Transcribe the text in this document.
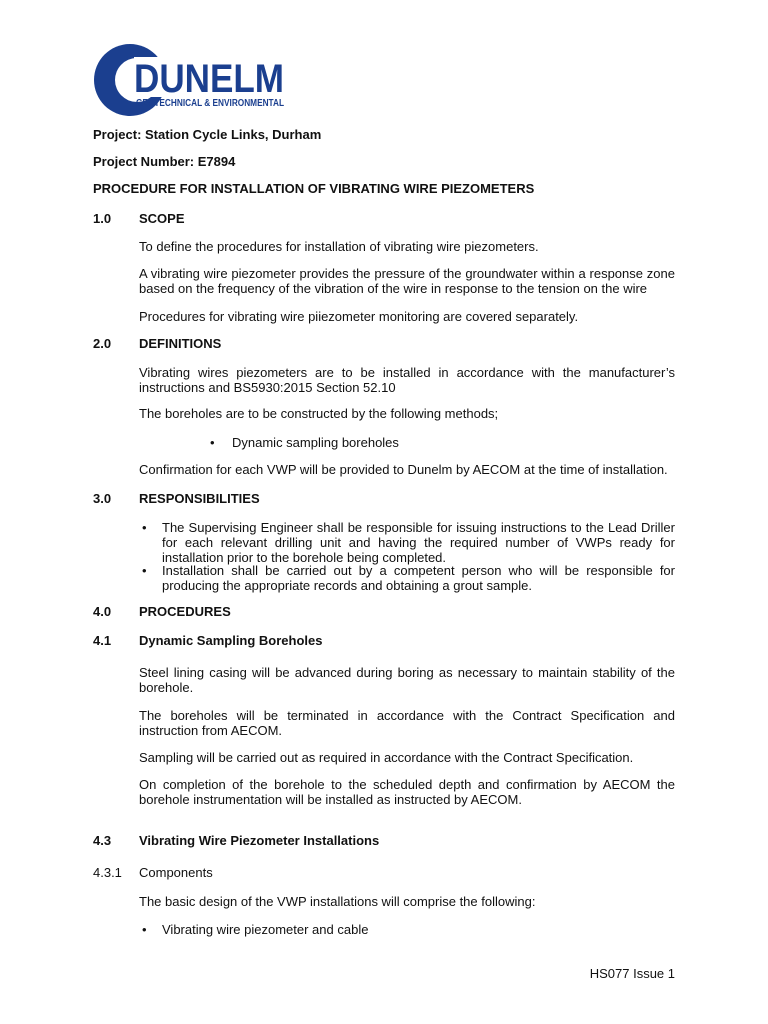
DUNELM
GEOTECHNICAL & ENVIRONMENTAL
Project: Station Cycle Links, Durham
Project Number: E7894
PROCEDURE FOR INSTALLATION OF VIBRATING WIRE PIEZOMETERS
1.0 SCOPE
To define the procedures for installation of vibrating wire piezometers.
A vibrating wire piezometer provides the pressure of the groundwater within a response zone based on the frequency of the vibration of the wire in response to the tension on the wire
Procedures for vibrating wire piiezometer monitoring are covered separately.
2.0 DEFINITIONS
Vibrating wires piezometers are to be installed in accordance with the manufacturer’s instructions and BS5930:2015 Section 52.10
The boreholes are to be constructed by the following methods;
• Dynamic sampling boreholes
Confirmation for each VWP will be provided to Dunelm by AECOM at the time of installation.
3.0 RESPONSIBILITIES
• The Supervising Engineer shall be responsible for issuing instructions to the Lead Driller for each relevant drilling unit and having the required number of VWPs ready for installation prior to the borehole being completed.
• Installation shall be carried out by a competent person who will be responsible for producing the appropriate records and obtaining a grout sample.
4.0 PROCEDURES
4.1 Dynamic Sampling Boreholes
Steel lining casing will be advanced during boring as necessary to maintain stability of the borehole.
The boreholes will be terminated in accordance with the Contract Specification and instruction from AECOM.
Sampling will be carried out as required in accordance with the Contract Specification.
On completion of the borehole to the scheduled depth and confirmation by AECOM the borehole instrumentation will be installed as instructed by AECOM.
4.3 Vibrating Wire Piezometer Installations
4.3.1 Components
The basic design of the VWP installations will comprise the following:
• Vibrating wire piezometer and cable
HS077 Issue 1
